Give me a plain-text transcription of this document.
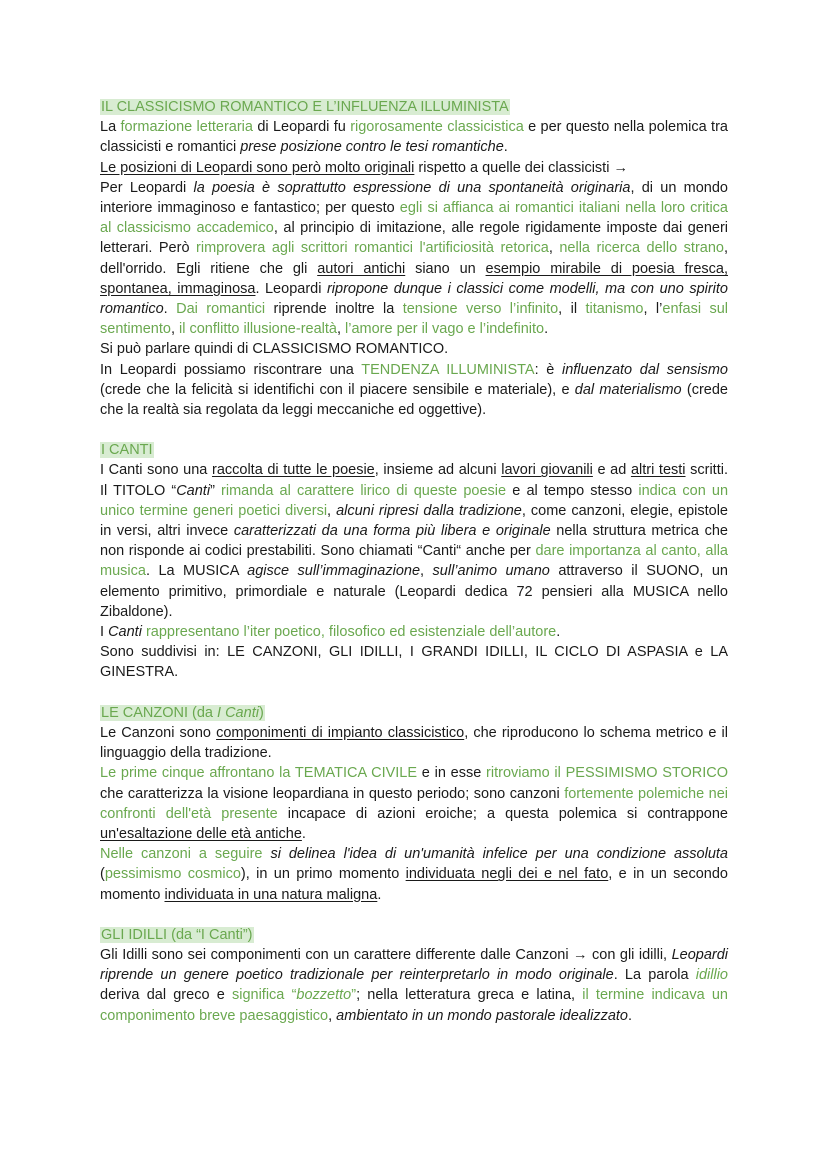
IL CLASSICISMO ROMANTICO E L’INFLUENZA ILLUMINISTA

La formazione letteraria di Leopardi fu rigorosamente classicistica e per questo nella polemica tra classicisti e romantici prese posizione contro le tesi romantiche.

Le posizioni di Leopardi sono però molto originali rispetto a quelle dei classicisti →

Per Leopardi la poesia è soprattutto espressione di una spontaneità originaria, di un mondo interiore immaginoso e fantastico; per questo egli si affianca ai romantici italiani nella loro critica al classicismo accademico, al principio di imitazione, alle regole rigidamente imposte dai generi letterari. Però rimprovera agli scrittori romantici l'artificiosità retorica, nella ricerca dello strano, dell'orrido. Egli ritiene che gli autori antichi siano un esempio mirabile di poesia fresca, spontanea, immaginosa. Leopardi ripropone dunque i classici come modelli, ma con uno spirito romantico. Dai romantici riprende inoltre la tensione verso l’infinito, il titanismo, l’enfasi sul sentimento, il conflitto illusione-realtà, l’amore per il vago e l’indefinito.

Si può parlare quindi di CLASSICISMO ROMANTICO.

In Leopardi possiamo riscontrare una TENDENZA ILLUMINISTA: è influenzato dal sensismo (crede che la felicità si identifichi con il piacere sensibile e materiale), e dal materialismo (crede che la realtà sia regolata da leggi meccaniche ed oggettive).

I CANTI

I Canti sono una raccolta di tutte le poesie, insieme ad alcuni lavori giovanili e ad altri testi scritti. Il TITOLO “Canti” rimanda al carattere lirico di queste poesie e al tempo stesso indica con un unico termine generi poetici diversi, alcuni ripresi dalla tradizione, come canzoni, elegie, epistole in versi, altri invece caratterizzati da una forma più libera e originale nella struttura metrica che non risponde ai codici prestabiliti. Sono chiamati “Canti“ anche per dare importanza al canto, alla musica. La MUSICA agisce sull’immaginazione, sull’animo umano attraverso il SUONO, un elemento primitivo, primordiale e naturale (Leopardi dedica 72 pensieri alla MUSICA nello Zibaldone).

I Canti rappresentano l’iter poetico, filosofico ed esistenziale dell’autore.

Sono suddivisi in: LE CANZONI, GLI IDILLI, I GRANDI IDILLI, IL CICLO DI ASPASIA e LA GINESTRA.

LE CANZONI (da I Canti)

Le Canzoni sono componimenti di impianto classicistico, che riproducono lo schema metrico e il linguaggio della tradizione.

Le prime cinque affrontano la TEMATICA CIVILE e in esse ritroviamo il PESSIMISMO STORICO che caratterizza la visione leopardiana in questo periodo; sono canzoni fortemente polemiche nei confronti dell'età presente incapace di azioni eroiche; a questa polemica si contrappone un'esaltazione delle età antiche.

Nelle canzoni a seguire si delinea l'idea di un'umanità infelice per una condizione assoluta (pessimismo cosmico), in un primo momento individuata negli dei e nel fato, e in un secondo momento individuata in una natura maligna.

GLI IDILLI (da “I Canti”)

Gli Idilli sono sei componimenti con un carattere differente dalle Canzoni → con gli idilli, Leopardi riprende un genere poetico tradizionale per reinterpretarlo in modo originale. La parola idillio deriva dal greco e significa “bozzetto”; nella letteratura greca e latina, il termine indicava un componimento breve paesaggistico, ambientato in un mondo pastorale idealizzato.
